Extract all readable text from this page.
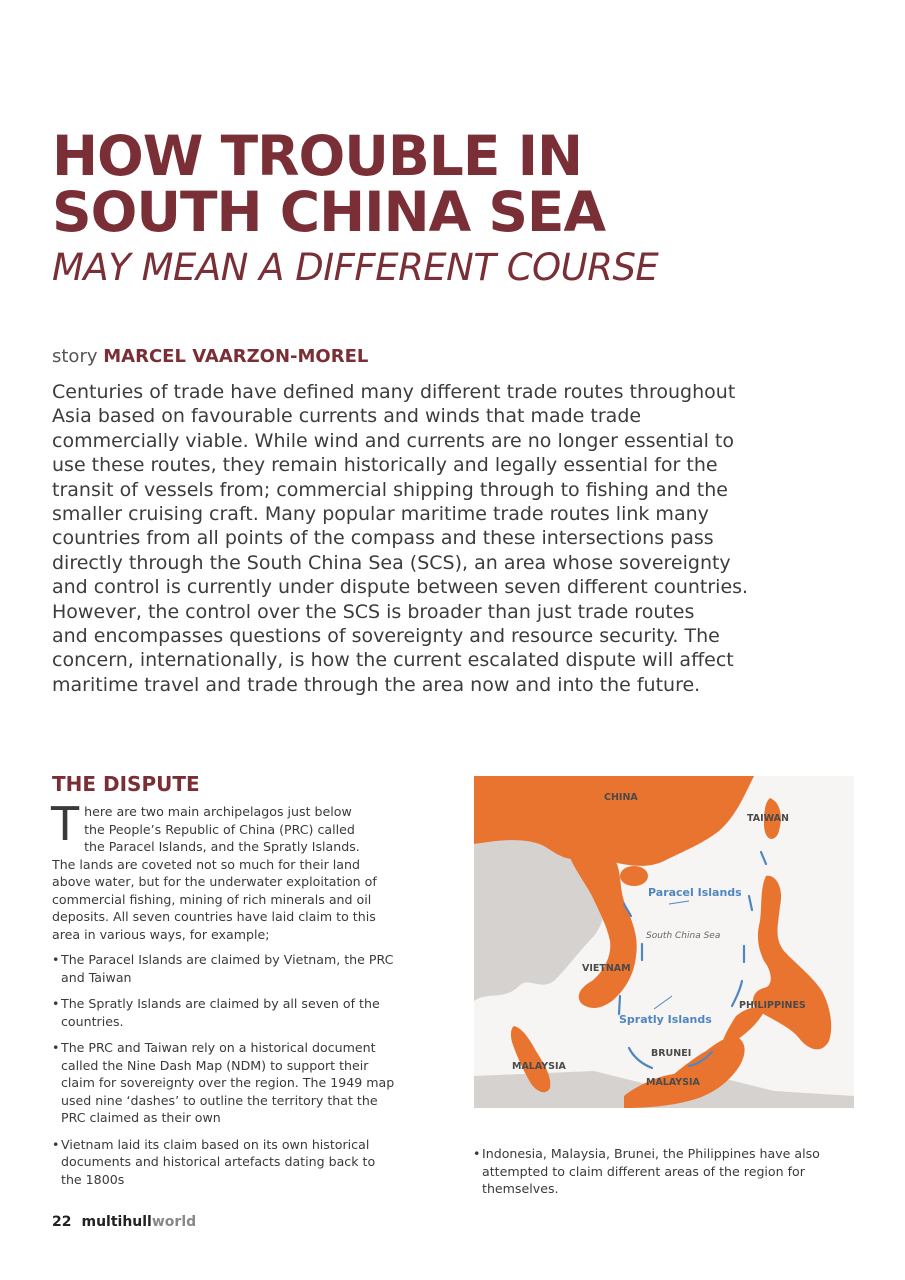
HOW TROUBLE IN
SOUTH CHINA SEA
MAY MEAN A DIFFERENT COURSE
story MARCEL VAARZON-MOREL
Centuries of trade have defined many different trade routes throughout
Asia based on favourable currents and winds that made trade
commercially viable. While wind and currents are no longer essential to
use these routes, they remain historically and legally essential for the
transit of vessels from; commercial shipping through to fishing and the
smaller cruising craft. Many popular maritime trade routes link many
countries from all points of the compass and these intersections pass
directly through the South China Sea (SCS), an area whose sovereignty
and control is currently under dispute between seven different countries.
However, the control over the SCS is broader than just trade routes
and encompasses questions of sovereignty and resource security. The
concern, internationally, is how the current escalated dispute will affect
maritime travel and trade through the area now and into the future.
THE DISPUTE
T here are two main archipelagos just below
the People’s Republic of China (PRC) called
the Paracel Islands, and the Spratly Islands.
The lands are coveted not so much for their land
above water, but for the underwater exploitation of
commercial fishing, mining of rich minerals and oil
deposits. All seven countries have laid claim to this
area in various ways, for example;
• The Paracel Islands are claimed by Vietnam, the PRC
and Taiwan
• The Spratly Islands are claimed by all seven of the
countries.
• The PRC and Taiwan rely on a historical document
called the Nine Dash Map (NDM) to support their
claim for sovereignty over the region. The 1949 map
used nine ‘dashes’ to outline the territory that the
PRC claimed as their own
• Vietnam laid its claim based on its own historical
documents and historical artefacts dating back to
the 1800s
CHINA
TAIWAN
Paracel Islands
South China Sea
VIETNAM
PHILIPPINES
Spratly Islands
BRUNEI
MALAYSIA
MALAYSIA
• Indonesia, Malaysia, Brunei, the Philippines have also
attempted to claim different areas of the region for
themselves.
22 multihullworld
